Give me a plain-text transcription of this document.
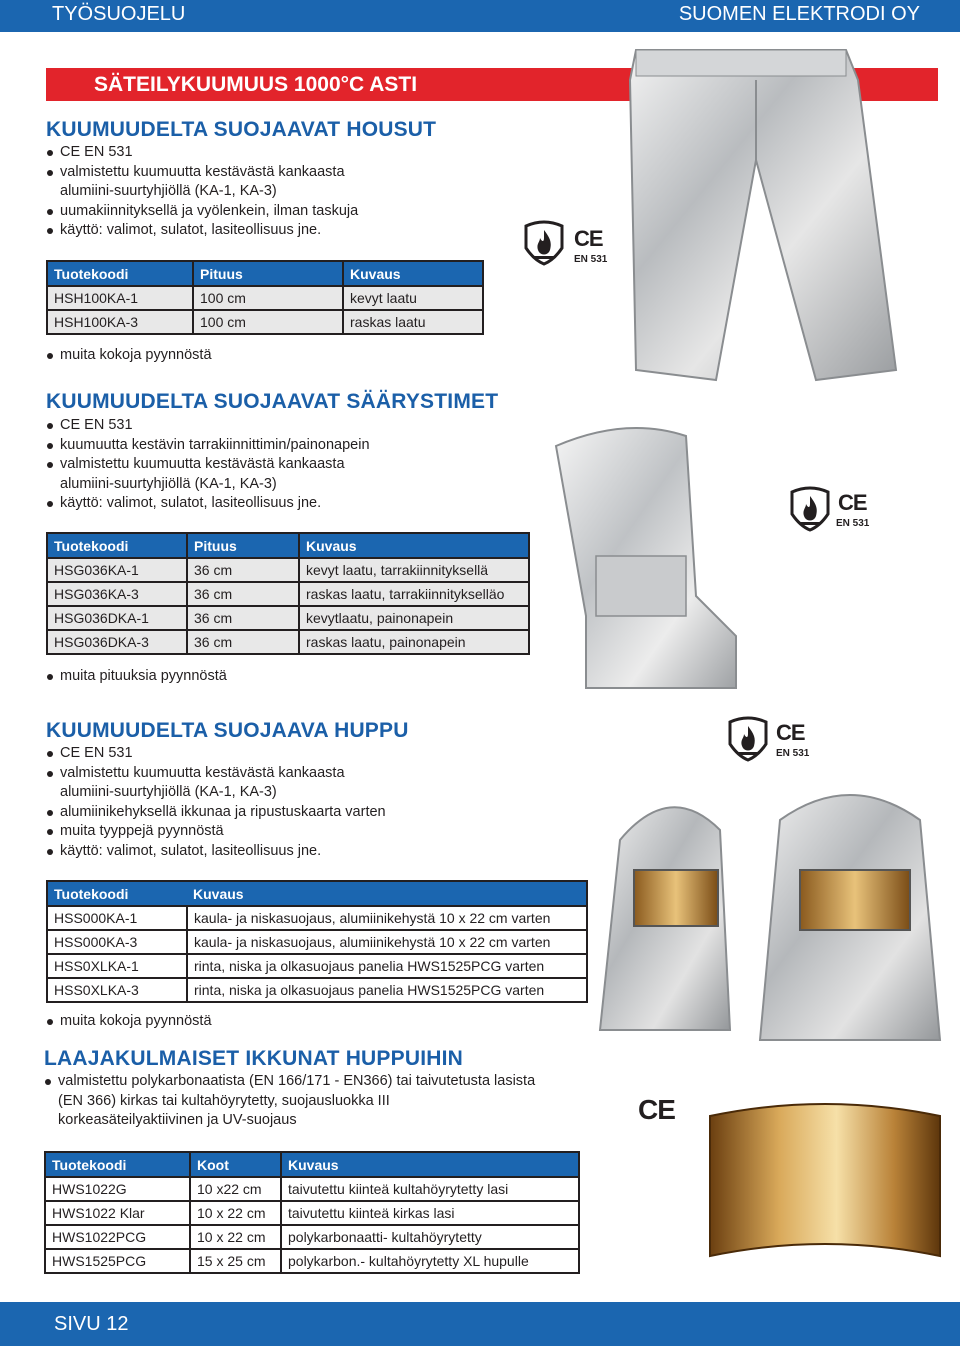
TYÖSUOJELU	SUOMEN ELEKTRODI OY
SÄTEILYKUUMUUS 1000°C ASTI
KUUMUUDELTA SUOJAAVAT HOUSUT
CE EN 531
valmistettu kuumuutta kestävästä kankaasta
alumiini-suurtyhjiöllä (KA-1, KA-3)
uumakiinnityksellä ja vyölenkein, ilman taskuja
käyttö: valimot, sulatot, lasiteollisuus jne.
Tuotekoodi	Pituus	Kuvaus
HSH100KA-1	100 cm	kevyt laatu
HSH100KA-3	100 cm	raskas laatu
muita kokoja pyynnöstä
KUUMUUDELTA SUOJAAVAT SÄÄRYSTIMET
CE EN 531
kuumuutta kestävin tarrakiinnittimin/painonapein
valmistettu kuumuutta kestävästä kankaasta
alumiini-suurtyhjiöllä (KA-1, KA-3)
käyttö: valimot, sulatot, lasiteollisuus jne.
Tuotekoodi	Pituus	Kuvaus
HSG036KA-1	36 cm	kevyt laatu, tarrakiinnityksellä
HSG036KA-3	36 cm	raskas laatu, tarrakiinnitykselläo
HSG036DKA-1	36 cm	kevytlaatu, painonapein
HSG036DKA-3	36 cm	raskas laatu, painonapein
muita pituuksia pyynnöstä
KUUMUUDELTA SUOJAAVA HUPPU
CE EN 531
valmistettu kuumuutta kestävästä kankaasta
alumiini-suurtyhjiöllä (KA-1, KA-3)
alumiinikehyksellä ikkunaa ja ripustuskaarta varten
muita tyyppejä pyynnöstä
käyttö: valimot, sulatot, lasiteollisuus jne.
Tuotekoodi	Kuvaus
HSS000KA-1	kaula- ja niskasuojaus, alumiinikehystä 10 x 22 cm varten
HSS000KA-3	kaula- ja niskasuojaus, alumiinikehystä 10 x 22 cm varten
HSS0XLKA-1	rinta, niska ja olkasuojaus panelia HWS1525PCG varten
HSS0XLKA-3	rinta, niska ja olkasuojaus panelia HWS1525PCG varten
muita kokoja pyynnöstä
LAAJAKULMAISET IKKUNAT HUPPUIHIN
valmistettu polykarbonaatista (EN 166/171 - EN366) tai taivutetusta lasista
(EN 366) kirkas tai kultahöyrytetty, suojausluokka III
korkeasäteilyaktiivinen ja UV-suojaus
Tuotekoodi	Koot	Kuvaus
HWS1022G	10 x22 cm	taivutettu kiinteä kultahöyrytetty lasi
HWS1022 Klar	10 x 22 cm	taivutettu kiinteä kirkas lasi
HWS1022PCG	10 x 22 cm	polykarbonaatti- kultahöyrytetty
HWS1525PCG	15 x 25 cm	polykarbon.- kultahöyrytetty XL hupulle
CE
EN 531
CE
EN 531
CE
EN 531
CE
SIVU 12
